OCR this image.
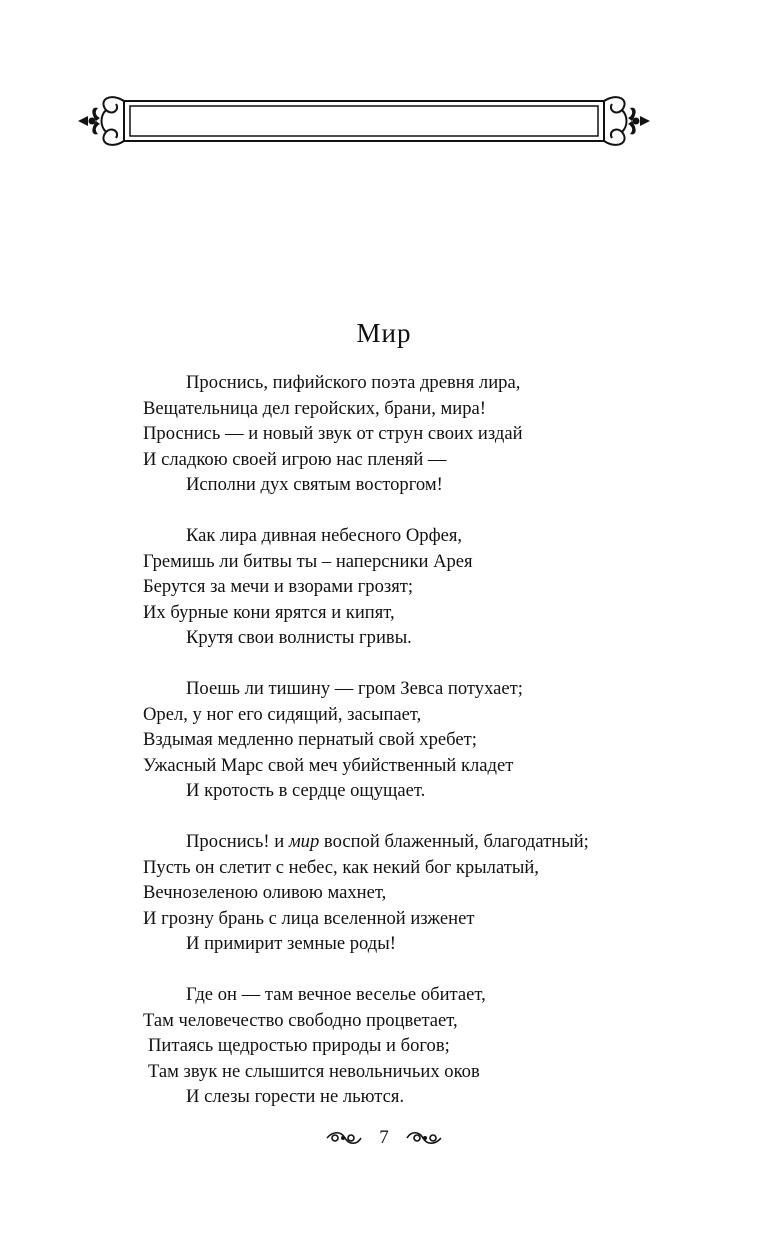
Мир
Проснись, пифийского поэта древня лира,
Вещательница дел геройских, брани, мира!
Проснись — и новый звук от струн своих издай
И сладкою своей игрою нас пленяй —
Исполни дух святым восторгом!
Как лира дивная небесного Орфея,
Гремишь ли битвы ты – наперсники Арея
Берутся за мечи и взорами грозят;
Их бурные кони ярятся и кипят,
Крутя свои волнисты гривы.
Поешь ли тишину — гром Зевса потухает;
Орел, у ног его сидящий, засыпает,
Вздымая медленно пернатый свой хребет;
Ужасный Марс свой меч убийственный кладет
И кротость в сердце ощущает.
Проснись! и мир воспой блаженный, благодатный;
Пусть он слетит с небес, как некий бог крылатый,
Вечнозеленою оливою махнет,
И грозну брань с лица вселенной изженет
И примирит земные роды!
Где он — там вечное веселье обитает,
Там человечество свободно процветает,
Питаясь щедростью природы и богов;
Там звук не слышится невольничьих оков
И слезы горести не льются.
7
